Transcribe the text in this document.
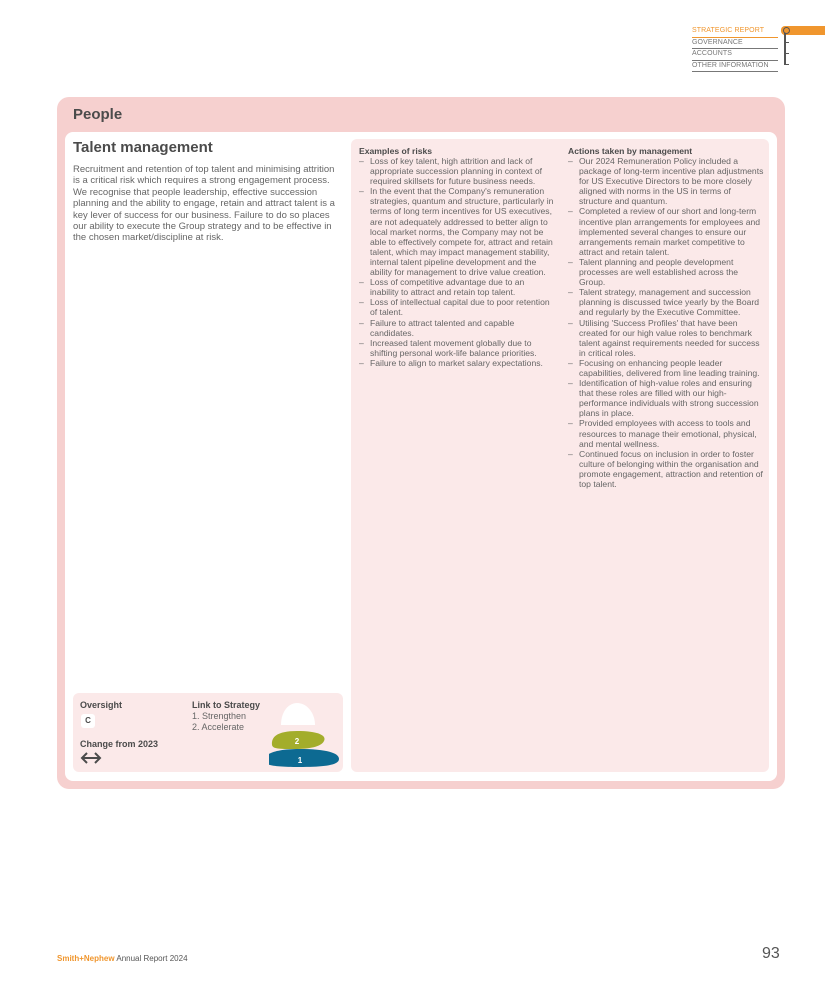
STRATEGIC REPORT
GOVERNANCE
ACCOUNTS
OTHER INFORMATION
People
Talent management
Recruitment and retention of top talent and minimising attrition is a critical risk which requires a strong engagement process. We recognise that people leadership, effective succession planning and the ability to engage, retain and attract talent is a key lever of success for our business. Failure to do so places our ability to execute the Group strategy and to be effective in the chosen market/discipline at risk.
Examples of risks
– Loss of key talent, high attrition and lack of appropriate succession planning in context of required skillsets for future business needs.
– In the event that the Company's remuneration strategies, quantum and structure, particularly in terms of long term incentives for US executives, are not adequately addressed to better align to local market norms, the Company may not be able to effectively compete for, attract and retain talent, which may impact management stability, internal talent pipeline development and the ability for management to drive value creation.
– Loss of competitive advantage due to an inability to attract and retain top talent.
– Loss of intellectual capital due to poor retention of talent.
– Failure to attract talented and capable candidates.
– Increased talent movement globally due to shifting personal work-life balance priorities.
– Failure to align to market salary expectations.
Actions taken by management
– Our 2024 Remuneration Policy included a package of long-term incentive plan adjustments for US Executive Directors to be more closely aligned with norms in the US in terms of structure and quantum.
– Completed a review of our short and long-term incentive plan arrangements for employees and implemented several changes to ensure our arrangements remain market competitive to attract and retain talent.
– Talent planning and people development processes are well established across the Group.
– Talent strategy, management and succession planning is discussed twice yearly by the Board and regularly by the Executive Committee.
– Utilising 'Success Profiles' that have been created for our high value roles to benchmark talent against requirements needed for success in critical roles.
– Focusing on enhancing people leader capabilities, delivered from line leading training.
– Identification of high-value roles and ensuring that these roles are filled with our high-performance individuals with strong succession plans in place.
– Provided employees with access to tools and resources to manage their emotional, physical, and mental wellness.
– Continued focus on inclusion in order to foster culture of belonging within the organisation and promote engagement, attraction and retention of top talent.
Oversight
C
Change from 2023
Link to Strategy
1. Strengthen
2. Accelerate
2
1
Smith+Nephew Annual Report 2024	93
